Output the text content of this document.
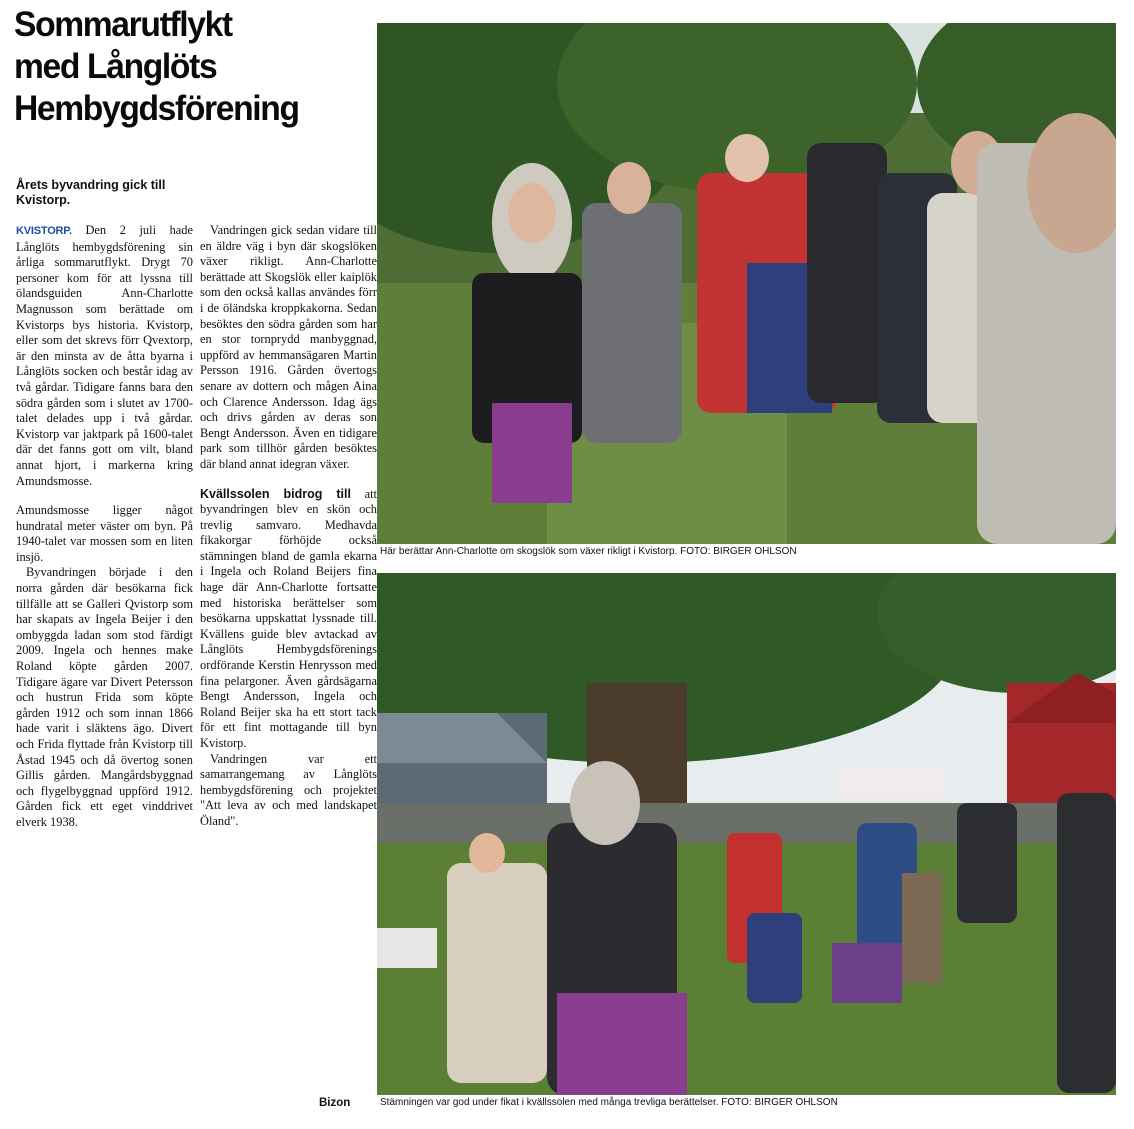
Sommarutflykt
med Långlöts
Hembygdsförening
Årets byvandring gick till Kvistorp.

KVISTORP. Den 2 juli hade Långlöts hembygdsförening sin årliga sommarutflykt. Drygt 70 personer kom för att lyssna till ölandsguiden Ann-Charlotte Magnusson som berättade om Kvistorps bys historia. Kvistorp, eller som det skrevs förr Qvextorp, är den minsta av de åtta byarna i Långlöts socken och består idag av två gårdar. Tidigare fanns bara den södra gården som i slutet av 1700-talet delades upp i två gårdar. Kvistorp var jaktpark på 1600-talet där det fanns gott om vilt, bland annat hjort, i markerna kring Amundsmosse.

Amundsmosse ligger något hundratal meter väster om byn. På 1940-talet var mossen som en liten insjö.

Byvandringen började i den norra gården där besökarna fick tillfälle att se Galleri Qvistorp som har skapats av Ingela Beijer i den ombyggda ladan som stod färdigt 2009. Ingela och hennes make Roland köpte gården 2007. Tidigare ägare var Divert Petersson och hustrun Frida som köpte gården 1912 och som innan 1866 hade varit i släktens ägo. Divert och Frida flyttade från Kvistorp till Åstad 1945 och då övertog sonen Gillis gården. Mangårdsbyggnad och flygelbyggnad uppförd 1912. Gården fick ett eget vinddrivet elverk 1938.

Vandringen gick sedan vidare till en äldre väg i byn där skogslöken växer rikligt. Ann-Charlotte berättade att Skogslök eller kaiplök som den också kallas användes förr i de öländska kroppkakorna. Sedan besöktes den södra gården som har en stor tornprydd manbyggnad, uppförd av hemmansägaren Martin Persson 1916. Gården övertogs senare av dottern och mågen Aina och Clarence Andersson. Idag ägs och drivs gården av deras son Bengt Andersson. Även en tidigare park som tillhör gården besöktes där bland annat idegran växer.

Kvällssolen bidrog till att byvandringen blev en skön och trevlig samvaro. Medhavda fikakorgar förhöjde också stämningen bland de gamla ekarna i Ingela och Roland Beijers fina hage där Ann-Charlotte fortsatte med historiska berättelser som besökarna uppskattat lyssnade till. Kvällens guide blev avtackad av Långlöts Hembygdsförenings ordförande Kerstin Henrysson med fina pelargoner. Även gårdsägarna Bengt Andersson, Ingela och Roland Beijer ska ha ett stort tack för ett fint mottagande till byn Kvistorp.

Vandringen var ett samarrangemang av Långlöts hembygdsförening och projektet "Att leva av och med landskapet Öland".

Bizon
Här berättar Ann-Charlotte om skogslök som växer rikligt i Kvistorp. FOTO: BIRGER OHLSON
Stämningen var god under fikat i kvällssolen med många trevliga berättelser. FOTO: BIRGER OHLSON
